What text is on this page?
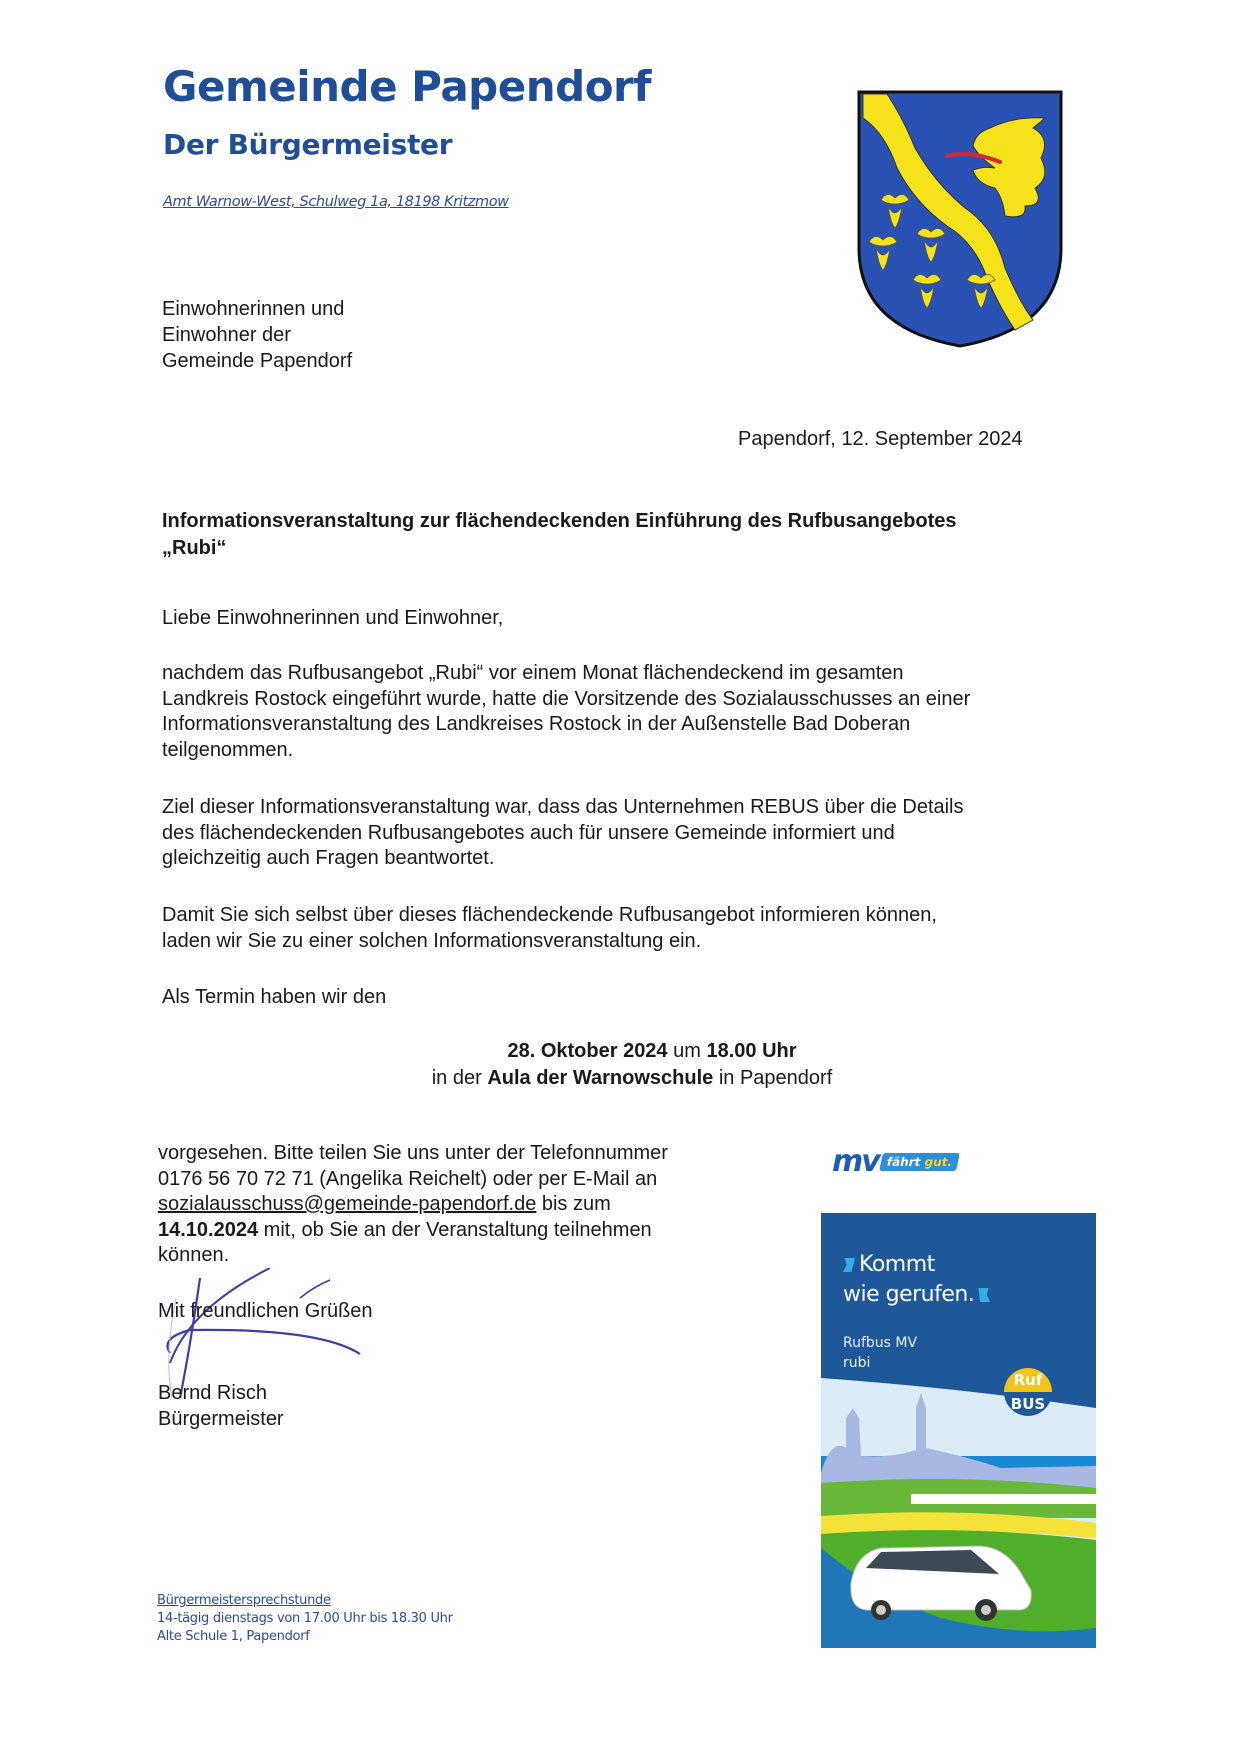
Gemeinde Papendorf
Der Bürgermeister
Amt Warnow-West, Schulweg 1a, 18198 Kritzmow
Einwohnerinnen und
Einwohner der
Gemeinde Papendorf
Papendorf, 12. September 2024
Informationsveranstaltung zur flächendeckenden Einführung des Rufbusangebotes
„Rubi“
Liebe Einwohnerinnen und Einwohner,
nachdem das Rufbusangebot „Rubi“ vor einem Monat flächendeckend im gesamten
Landkreis Rostock eingeführt wurde, hatte die Vorsitzende des Sozialausschusses an einer
Informationsveranstaltung des Landkreises Rostock in der Außenstelle Bad Doberan
teilgenommen.
Ziel dieser Informationsveranstaltung war, dass das Unternehmen REBUS über die Details
des flächendeckenden Rufbusangebotes auch für unsere Gemeinde informiert und
gleichzeitig auch Fragen beantwortet.
Damit Sie sich selbst über dieses flächendeckende Rufbusangebot informieren können,
laden wir Sie zu einer solchen Informationsveranstaltung ein.
Als Termin haben wir den
28. Oktober 2024 um 18.00 Uhr
in der Aula der Warnowschule in Papendorf
vorgesehen. Bitte teilen Sie uns unter der Telefonnummer
0176 56 70 72 71 (Angelika Reichelt) oder per E-Mail an
sozialausschuss@gemeinde-papendorf.de bis zum
14.10.2024 mit, ob Sie an der Veranstaltung teilnehmen
können.
Mit freundlichen Grüßen
Bernd Risch
Bürgermeister
Bürgermeistersprechstunde
14-tägig dienstags von 17.00 Uhr bis 18.30 Uhr
Alte Schule 1, Papendorf
mv fährt gut.
Kommt
wie gerufen.
Rufbus MV
rubi
Ruf
BUS
